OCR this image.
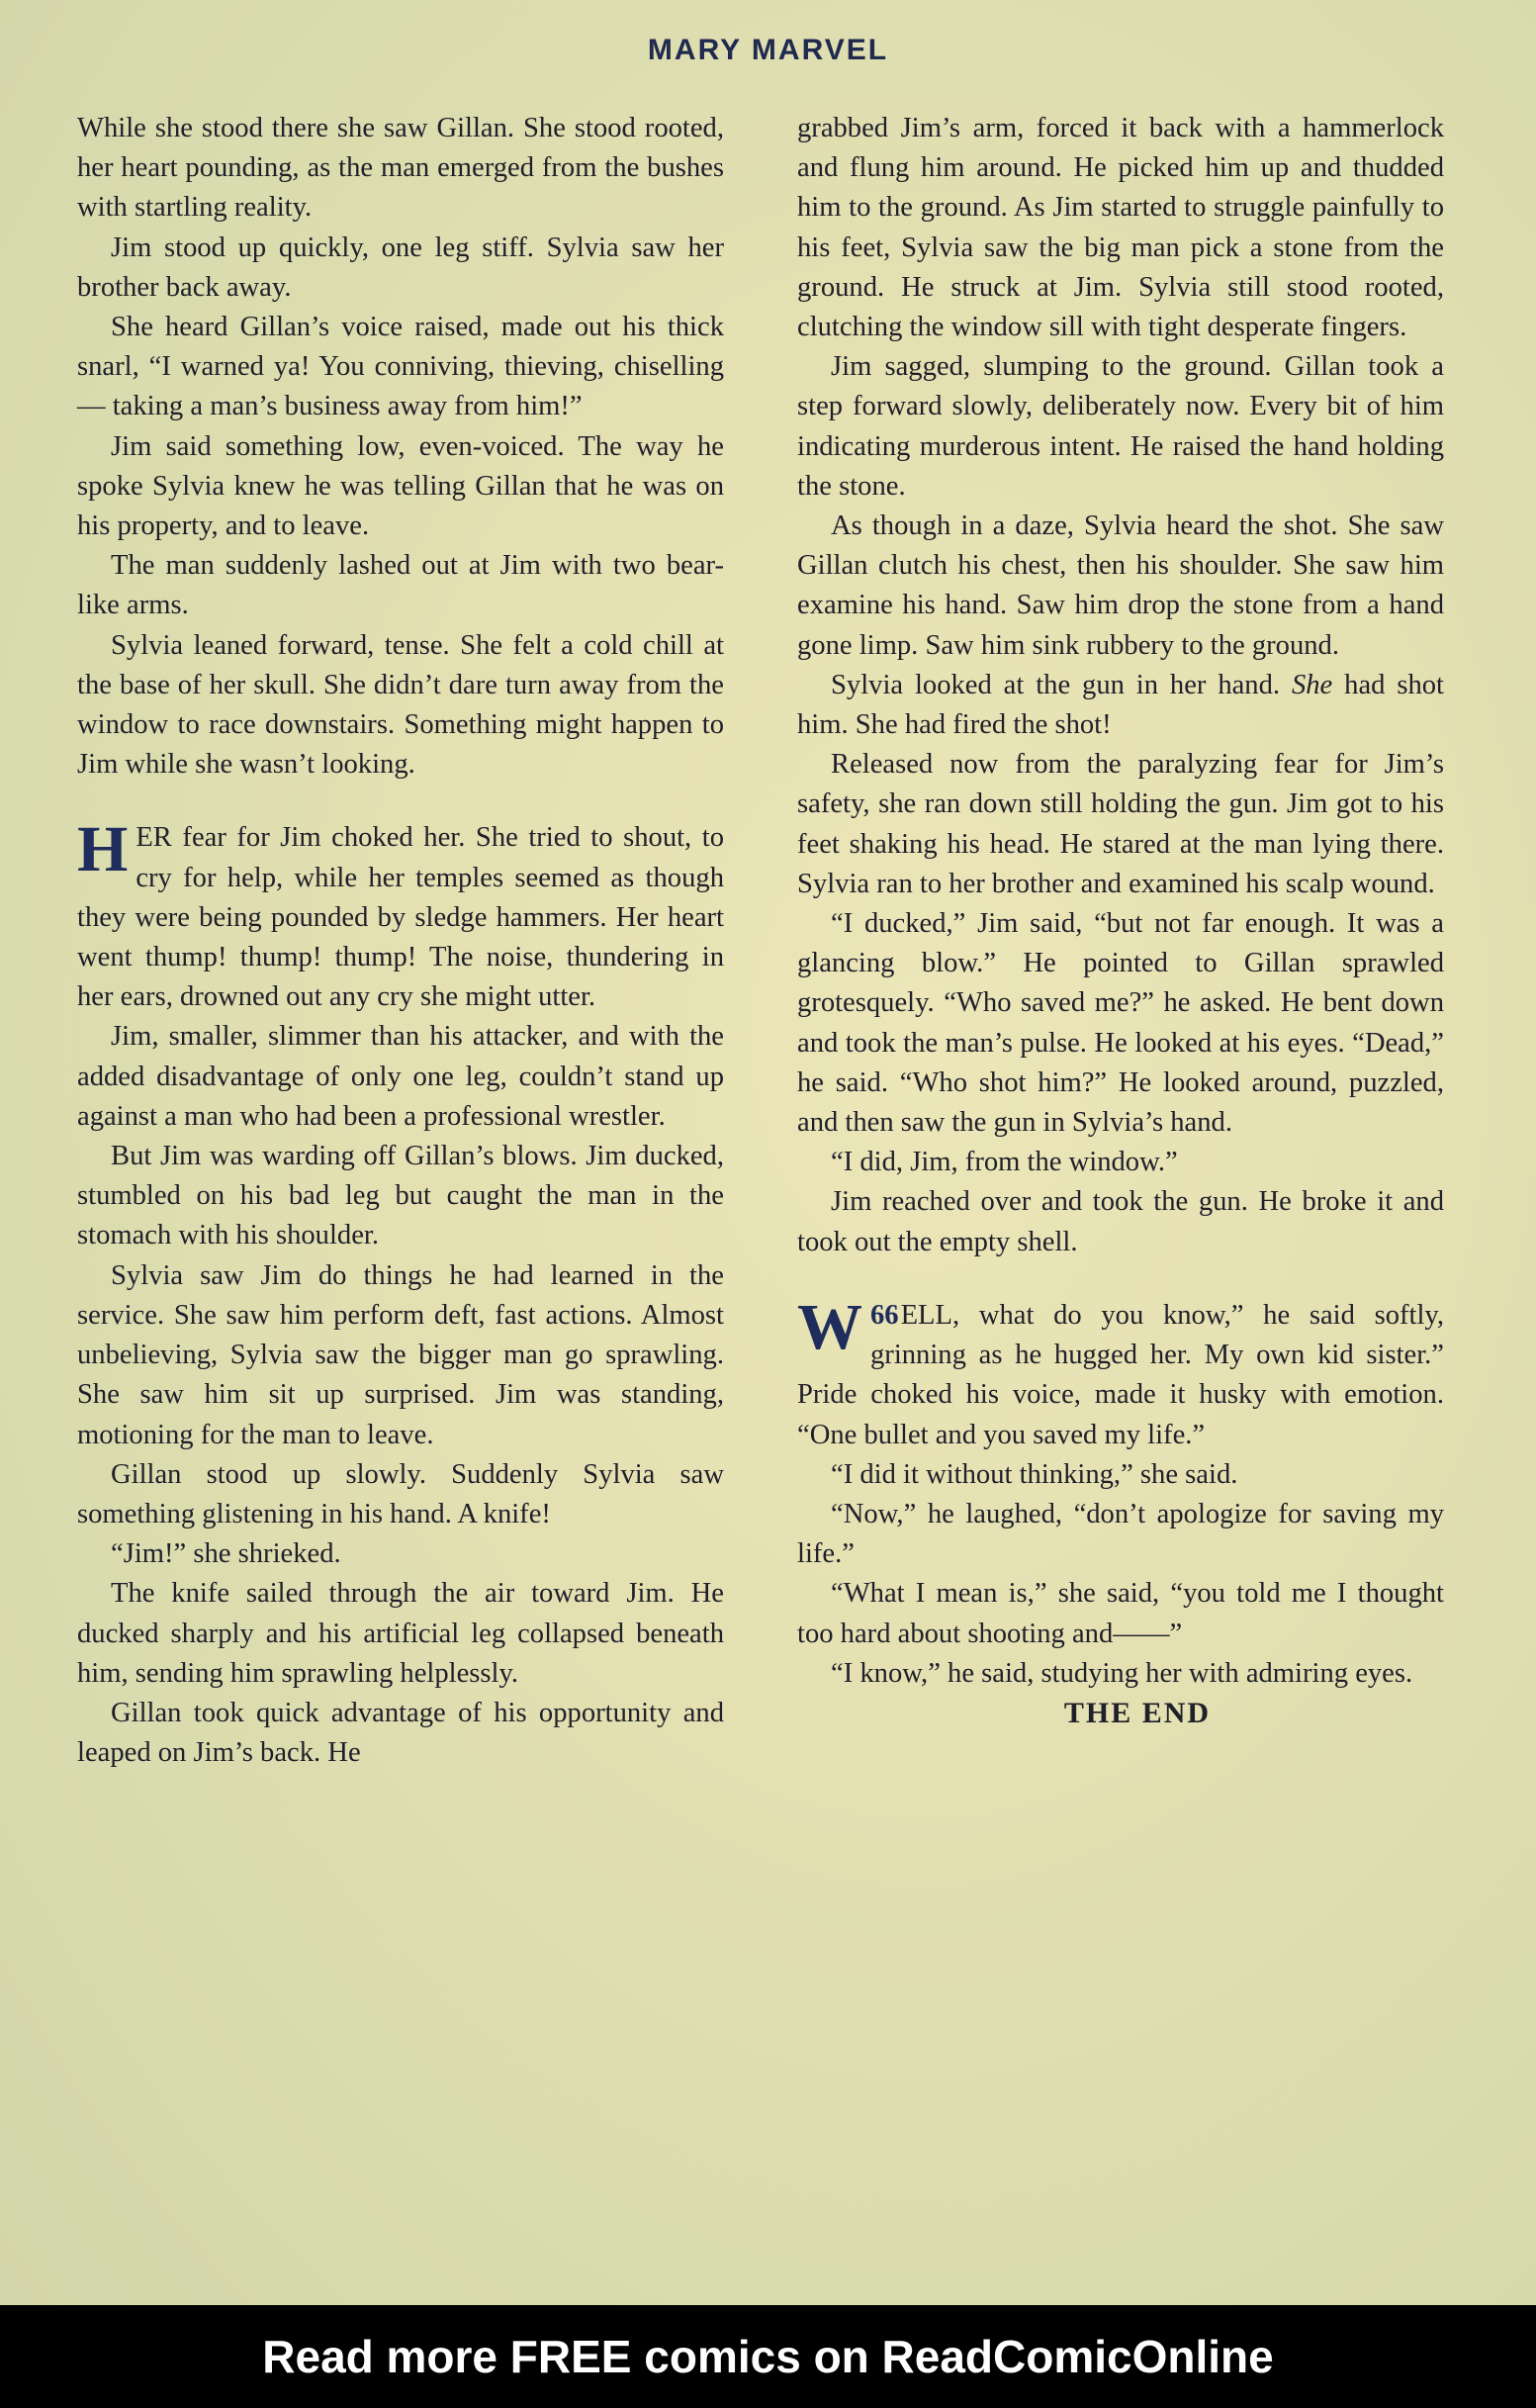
MARY MARVEL

While she stood there she saw Gillan. She stood rooted, her heart pounding, as the man emerged from the bushes with startling reality.

Jim stood up quickly, one leg stiff. Sylvia saw her brother back away.

She heard Gillan’s voice raised, made out his thick snarl, “I warned ya! You conniving, thieving, chiselling — taking a man’s business away from him!”

Jim said something low, even-voiced. The way he spoke Sylvia knew he was telling Gillan that he was on his property, and to leave.

The man suddenly lashed out at Jim with two bear-like arms.

Sylvia leaned forward, tense. She felt a cold chill at the base of her skull. She didn’t dare turn away from the window to race downstairs. Something might happen to Jim while she wasn’t looking.

HER fear for Jim choked her. She tried to shout, to cry for help, while her temples seemed as though they were being pounded by sledge hammers. Her heart went thump! thump! thump! The noise, thundering in her ears, drowned out any cry she might utter.

Jim, smaller, slimmer than his attacker, and with the added disadvantage of only one leg, couldn’t stand up against a man who had been a professional wrestler.

But Jim was warding off Gillan’s blows. Jim ducked, stumbled on his bad leg but caught the man in the stomach with his shoulder.

Sylvia saw Jim do things he had learned in the service. She saw him perform deft, fast actions. Almost unbelieving, Sylvia saw the bigger man go sprawling. She saw him sit up surprised. Jim was standing, motioning for the man to leave.

Gillan stood up slowly. Suddenly Sylvia saw something glistening in his hand. A knife!

“Jim!” she shrieked.

The knife sailed through the air toward Jim. He ducked sharply and his artificial leg collapsed beneath him, sending him sprawling helplessly.

Gillan took quick advantage of his opportunity and leaped on Jim’s back. He

grabbed Jim’s arm, forced it back with a hammerlock and flung him around. He picked him up and thudded him to the ground. As Jim started to struggle painfully to his feet, Sylvia saw the big man pick a stone from the ground. He struck at Jim. Sylvia still stood rooted, clutching the window sill with tight desperate fingers.

Jim sagged, slumping to the ground. Gillan took a step forward slowly, deliberately now. Every bit of him indicating murderous intent. He raised the hand holding the stone.

As though in a daze, Sylvia heard the shot. She saw Gillan clutch his chest, then his shoulder. She saw him examine his hand. Saw him drop the stone from a hand gone limp. Saw him sink rubbery to the ground.

Sylvia looked at the gun in her hand. She had shot him. She had fired the shot!

Released now from the paralyzing fear for Jim’s safety, she ran down still holding the gun. Jim got to his feet shaking his head. He stared at the man lying there. Sylvia ran to her brother and examined his scalp wound.

“I ducked,” Jim said, “but not far enough. It was a glancing blow.” He pointed to Gillan sprawled grotesquely. “Who saved me?” he asked. He bent down and took the man’s pulse. He looked at his eyes. “Dead,” he said. “Who shot him?” He looked around, puzzled, and then saw the gun in Sylvia’s hand.

“I did, Jim, from the window.”

Jim reached over and took the gun. He broke it and took out the empty shell.

66
W ELL, what do you know,” he said softly, grinning as he hugged her. My own kid sister.” Pride choked his voice, made it husky with emotion. “One bullet and you saved my life.”

“I did it without thinking,” she said.

“Now,” he laughed, “don’t apologize for saving my life.”

“What I mean is,” she said, “you told me I thought too hard about shooting and——”

“I know,” he said, studying her with admiring eyes.

THE END

Read more FREE comics on ReadComicOnline
